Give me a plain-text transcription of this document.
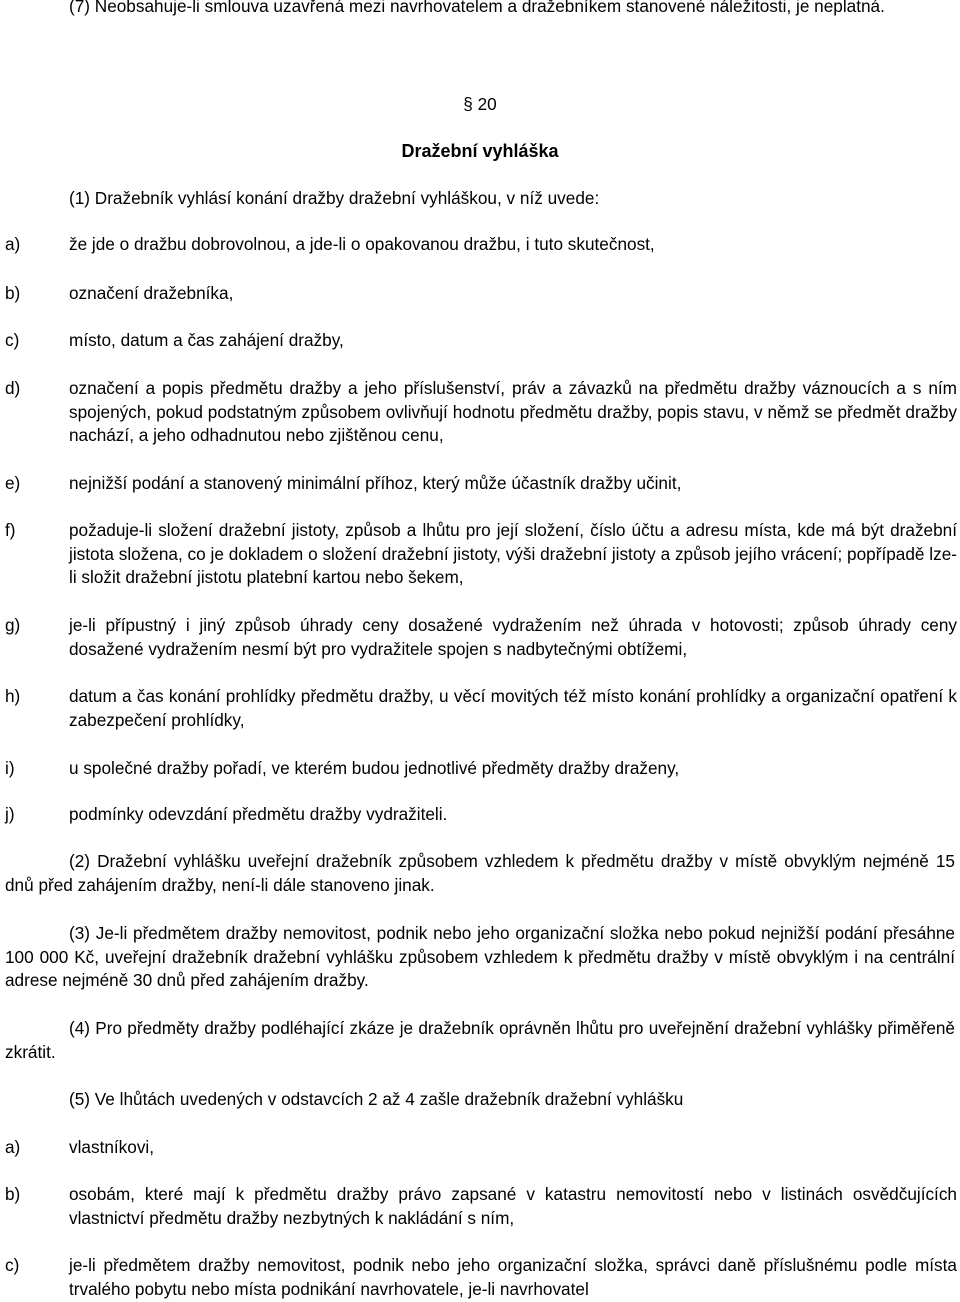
(7) Neobsahuje-li smlouva uzavřená mezi navrhovatelem a dražebníkem stanovené náležitosti, je neplatná.

§ 20

Dražební vyhláška

(1) Dražebník vyhlásí konání dražby dražební vyhláškou, v níž uvede:

a)	že jde o dražbu dobrovolnou, a jde-li o opakovanou dražbu, i tuto skutečnost,
b)	označení dražebníka,
c)	místo, datum a čas zahájení dražby,
d)	označení a popis předmětu dražby a jeho příslušenství, práv a závazků na předmětu dražby váznoucích a s ním spojených, pokud podstatným způsobem ovlivňují hodnotu předmětu dražby, popis stavu, v němž se předmět dražby nachází, a jeho odhadnutou nebo zjištěnou cenu,
e)	nejnižší podání a stanovený minimální příhoz, který může účastník dražby učinit,
f)	požaduje-li složení dražební jistoty, způsob a lhůtu pro její složení, číslo účtu a adresu místa, kde má být dražební jistota složena, co je dokladem o složení dražební jistoty, výši dražební jistoty a způsob jejího vrácení; popřípadě lze-li složit dražební jistotu platební kartou nebo šekem,
g)	je-li přípustný i jiný způsob úhrady ceny dosažené vydražením než úhrada v hotovosti; způsob úhrady ceny dosažené vydražením nesmí být pro vydražitele spojen s nadbytečnými obtížemi,
h)	datum a čas konání prohlídky předmětu dražby, u věcí movitých též místo konání prohlídky a organizační opatření k zabezpečení prohlídky,
i)	u společné dražby pořadí, ve kterém budou jednotlivé předměty dražby draženy,
j)	podmínky odevzdání předmětu dražby vydražiteli.

(2) Dražební vyhlášku uveřejní dražebník způsobem vzhledem k předmětu dražby v místě obvyklým nejméně 15 dnů před zahájením dražby, není-li dále stanoveno jinak.

(3) Je-li předmětem dražby nemovitost, podnik nebo jeho organizační složka nebo pokud nejnižší podání přesáhne 100 000 Kč, uveřejní dražebník dražební vyhlášku způsobem vzhledem k předmětu dražby v místě obvyklým i na centrální adrese nejméně 30 dnů před zahájením dražby.

(4) Pro předměty dražby podléhající zkáze je dražebník oprávněn lhůtu pro uveřejnění dražební vyhlášky přiměřeně zkrátit.

(5) Ve lhůtách uvedených v odstavcích 2 až 4 zašle dražebník dražební vyhlášku

a)	vlastníkovi,
b)	osobám, které mají k předmětu dražby právo zapsané v katastru nemovitostí nebo v listinách osvědčujících vlastnictví předmětu dražby nezbytných k nakládání s ním,
c)	je-li předmětem dražby nemovitost, podnik nebo jeho organizační složka, správci daně příslušnému podle místa trvalého pobytu nebo místa podnikání navrhovatele, je-li navrhovatel
